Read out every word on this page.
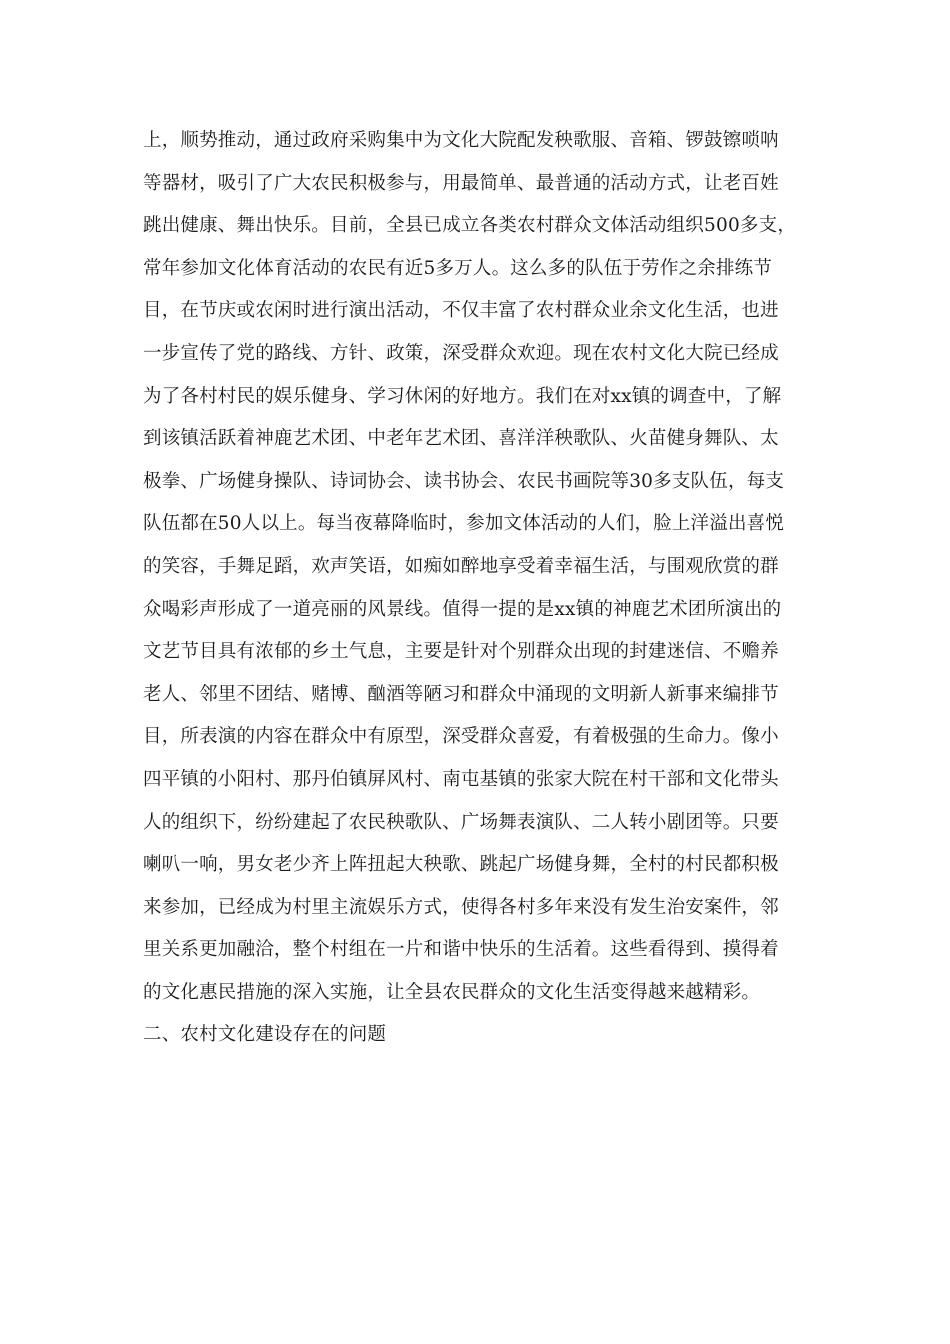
上，顺势推动，通过政府采购集中为文化大院配发秧歌服、音箱、锣鼓镲唢呐
等器材，吸引了广大农民积极参与，用最简单、最普通的活动方式，让老百姓
跳出健康、舞出快乐。目前，全县已成立各类农村群众文体活动组织500多支，
常年参加文化体育活动的农民有近5多万人。这么多的队伍于劳作之余排练节
目，在节庆或农闲时进行演出活动，不仅丰富了农村群众业余文化生活，也进
一步宣传了党的路线、方针、政策，深受群众欢迎。现在农村文化大院已经成
为了各村村民的娱乐健身、学习休闲的好地方。我们在对xx镇的调查中，了解
到该镇活跃着神鹿艺术团、中老年艺术团、喜洋洋秧歌队、火苗健身舞队、太
极拳、广场健身操队、诗词协会、读书协会、农民书画院等30多支队伍，每支
队伍都在50人以上。每当夜幕降临时，参加文体活动的人们，脸上洋溢出喜悦
的笑容，手舞足蹈，欢声笑语，如痴如醉地享受着幸福生活，与围观欣赏的群
众喝彩声形成了一道亮丽的风景线。值得一提的是xx镇的神鹿艺术团所演出的
文艺节目具有浓郁的乡土气息，主要是针对个别群众出现的封建迷信、不赡养
老人、邻里不团结、赌博、酗酒等陋习和群众中涌现的文明新人新事来编排节
目，所表演的内容在群众中有原型，深受群众喜爱，有着极强的生命力。像小
四平镇的小阳村、那丹伯镇屏风村、南屯基镇的张家大院在村干部和文化带头
人的组织下，纷纷建起了农民秧歌队、广场舞表演队、二人转小剧团等。只要
喇叭一响，男女老少齐上阵扭起大秧歌、跳起广场健身舞，全村的村民都积极
来参加，已经成为村里主流娱乐方式，使得各村多年来没有发生治安案件，邻
里关系更加融洽，整个村组在一片和谐中快乐的生活着。这些看得到、摸得着
的文化惠民措施的深入实施，让全县农民群众的文化生活变得越来越精彩。
二、农村文化建设存在的问题
